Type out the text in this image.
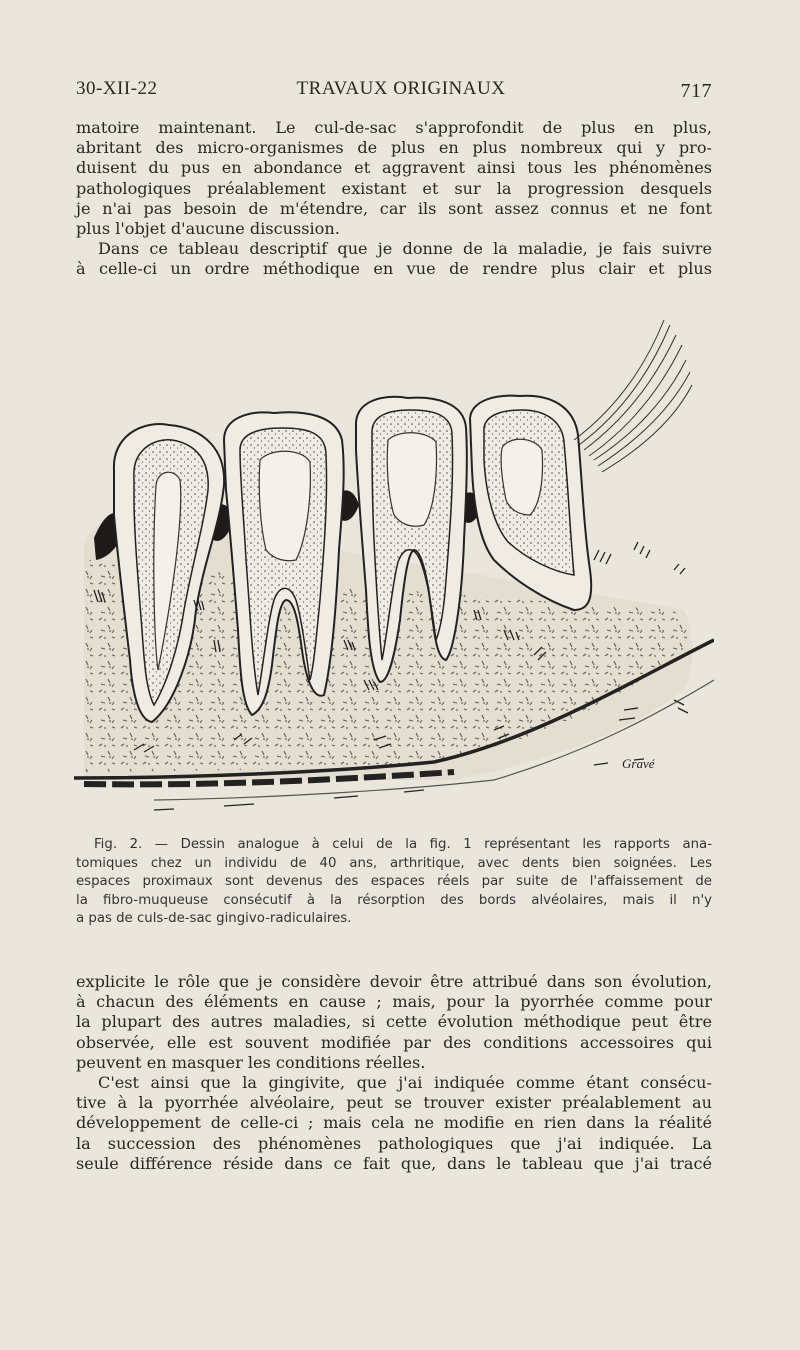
30-XII-22	TRAVAUX ORIGINAUX	717
matoire maintenant. Le cul-de-sac s'approfondit de plus en plus,
abritant des micro-organismes de plus en plus nombreux qui y pro-
duisent du pus en abondance et aggravent ainsi tous les phénomènes
pathologiques préalablement existant et sur la progression desquels
je n'ai pas besoin de m'étendre, car ils sont assez connus et ne font
plus l'objet d'aucune discussion.
Dans ce tableau descriptif que je donne de la maladie, je fais suivre
à celle-ci un ordre méthodique en vue de rendre plus clair et plus
Gravé
Fig. 2. — Dessin analogue à celui de la fig. 1 représentant les rapports ana-
tomiques chez un individu de 40 ans, arthritique, avec dents bien soignées. Les
espaces proximaux sont devenus des espaces réels par suite de l'affaissement de
la fibro-muqueuse consécutif à la résorption des bords alvéolaires, mais il n'y
a pas de culs-de-sac gingivo-radiculaires.
explicite le rôle que je considère devoir être attribué dans son évolution,
à chacun des éléments en cause ; mais, pour la pyorrhée comme pour
la plupart des autres maladies, si cette évolution méthodique peut être
observée, elle est souvent modifiée par des conditions accessoires qui
peuvent en masquer les conditions réelles.
C'est ainsi que la gingivite, que j'ai indiquée comme étant consécu-
tive à la pyorrhée alvéolaire, peut se trouver exister préalablement au
développement de celle-ci ; mais cela ne modifie en rien dans la réalité
la succession des phénomènes pathologiques que j'ai indiquée. La
seule différence réside dans ce fait que, dans le tableau que j'ai tracé
